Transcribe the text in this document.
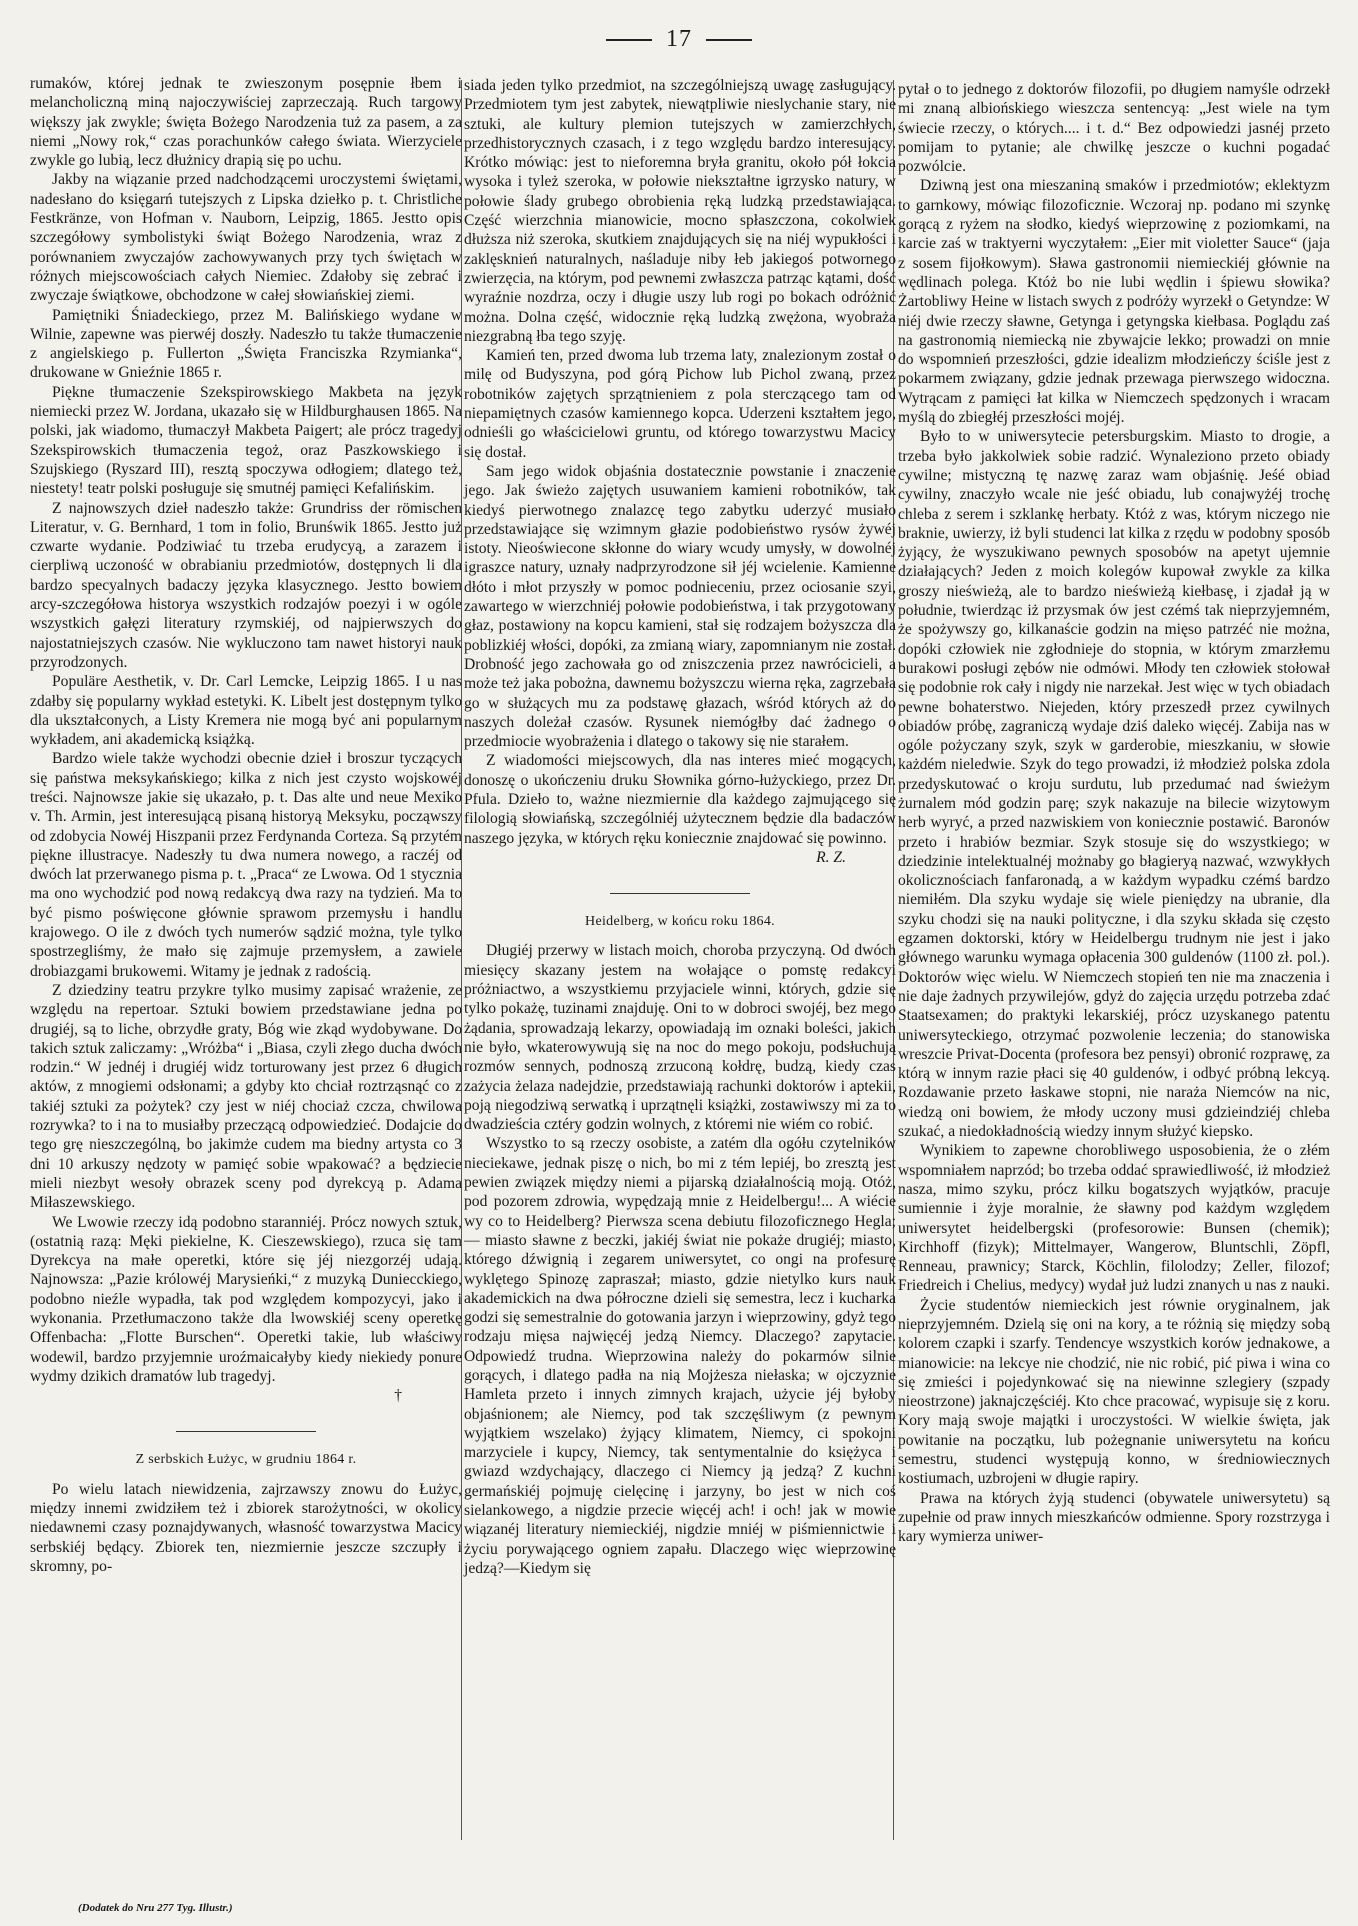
17

rumaków, której jednak te zwieszonym posępnie łbem i melancholiczną miną najoczywiściej zaprzeczają. Ruch targowy większy jak zwykle; święta Bożego Narodzenia tuż za pasem, a za niemi „Nowy rok,“ czas porachunków całego świata. Wierzyciele zwykle go lubią, lecz dłużnicy drapią się po uchu.

Jakby na wiązanie przed nadchodzącemi uroczystemi świętami, nadesłano do księgarń tutejszych z Lipska dziełko p. t. Christliche Festkränze, von Hofman v. Nauborn, Leipzig, 1865. Jestto opis szczegółowy symbolistyki świąt Bożego Narodzenia, wraz z porównaniem zwyczajów zachowywanych przy tych świętach w różnych miejscowościach całych Niemiec. Zdałoby się zebrać i zwyczaje świątkowe, obchodzone w całej słowiańskiej ziemi.

Pamiętniki Śniadeckiego, przez M. Balińskiego wydane w Wilnie, zapewne was pierwéj doszły. Nadeszło tu także tłumaczenie z angielskiego p. Fullerton „Święta Franciszka Rzymianka“, drukowane w Gnieźnie 1865 r.

Piękne tłumaczenie Szekspirowskiego Makbeta na język niemiecki przez W. Jordana, ukazało się w Hildburghausen 1865. Na polski, jak wiadomo, tłumaczył Makbeta Paigert; ale prócz tragedyj Szekspirowskich tłumaczenia tegoż, oraz Paszkowskiego i Szujskiego (Ryszard III), resztą spoczywa odłogiem; dlatego też, niestety! teatr polski posługuje się smutnéj pamięci Kefalińskim.

Z najnowszych dzieł nadeszło także: Grundriss der römischen Literatur, v. G. Bernhard, 1 tom in folio, Brunświk 1865. Jestto już czwarte wydanie. Podziwiać tu trzeba erudycyą, a zarazem i cierpliwą uczoność w obrabianiu przedmiotów, dostępnych li dla bardzo specyalnych badaczy języka klasycznego. Jestto bowiem arcy-szczegółowa historya wszystkich rodzajów poezyi i w ogóle wszystkich gałęzi literatury rzymskiéj, od najpierwszych do najostatniejszych czasów. Nie wykluczono tam nawet historyi nauk przyrodzonych.

Populäre Aesthetik, v. Dr. Carl Lemcke, Leipzig 1865. I u nas zdałby się popularny wykład estetyki. K. Libelt jest dostępnym tylko dla ukształconych, a Listy Kremera nie mogą być ani popularnym wykładem, ani akademicką książką.

Bardzo wiele także wychodzi obecnie dzieł i broszur tyczących się państwa meksykańskiego; kilka z nich jest czysto wojskowéj treści. Najnowsze jakie się ukazało, p. t. Das alte und neue Mexiko v. Th. Armin, jest interesującą pisaną historyą Meksyku, począwszy od zdobycia Nowéj Hiszpanii przez Ferdynanda Corteza. Są przytém piękne illustracye. Nadeszły tu dwa numera nowego, a raczéj od dwóch lat przerwanego pisma p. t. „Praca“ ze Lwowa. Od 1 stycznia ma ono wychodzić pod nową redakcyą dwa razy na tydzień. Ma to być pismo poświęcone głównie sprawom przemysłu i handlu krajowego. O ile z dwóch tych numerów sądzić można, tyle tylko spostrzegliśmy, że mało się zajmuje przemysłem, a zawiele drobiazgami brukowemi. Witamy je jednak z radością.

Z dziedziny teatru przykre tylko musimy zapisać wrażenie, ze względu na repertoar. Sztuki bowiem przedstawiane jedna po drugiéj, są to liche, obrzydłe graty, Bóg wie zkąd wydobywane. Do takich sztuk zaliczamy: „Wróżba“ i „Biasa, czyli złego ducha dwóch rodzin.“ W jednéj i drugiéj widz torturowany jest przez 6 długich aktów, z mnogiemi odsłonami; a gdyby kto chciał roztrząsnąć co z takiéj sztuki za pożytek? czy jest w niéj chociaż czcza, chwilowa rozrywka? to i na to musiałby przeczącą odpowiedzieć. Dodajcie do tego grę nieszczególną, bo jakimże cudem ma biedny artysta co 3 dni 10 arkuszy nędzoty w pamięć sobie wpakować? a będzieciе mieli niezbyt wesoły obrazek sceny pod dyrekcyą p. Adama Miłaszewskiego.

We Lwowie rzeczy idą podobno staranniéj. Prócz nowych sztuk, (ostatnią razą: Męki piekielne, K. Cieszewskiego), rzuca się tam Dyrekcya na małe operetki, które się jéj niezgorzéj udają. Najnowsza: „Pazie królowéj Marysieńki,“ z muzyką Duniecckiego, podobno nieźle wypadła, tak pod względem kompozycyi, jako i wykonania. Przetłumaczono także dla lwowskiéj sceny operetkę Offenbacha: „Flotte Burschen“. Operetki takie, lub właściwy wodewil, bardzo przyjemnie uroźmaicałyby kiedy niekiedy ponure wydmy dzikich dramatów lub tragedyj.

†
Z serbskich Łużyc, w grudniu 1864 r.

Po wielu latach niewidzenia, zajrzawszy znowu do Łużyc, między innemi zwidziłem też i zbiorek starożytności, w okolicy niedawnemi czasy poznajdywanych, własność towarzystwa Macicy serbskiéj będący. Zbiorek ten, niezmiernie jeszcze szczupły i skromny, po-

siada jeden tylko przedmiot, na szczególniejszą uwagę zasługujący. Przedmiotem tym jest zabytek, niewątpliwie nieslychanie stary, nie sztuki, ale kultury plemion tutejszych w zamierzchłych, przedhistorycznych czasach, i z tego względu bardzo interesujący. Krótko mówiąc: jest to nieforemna bryła granitu, około pół łokcia wysoka i tyleż szeroka, w połowie niekształtne igrzysko natury, w połowie ślady grubego obrobienia ręką ludzką przedstawiająca. Część wierzchnia mianowicie, mocno spłaszczona, cokolwiek dłuższa niż szeroka, skutkiem znajdujących się na niéj wypukłości i zaklęsknień naturalnych, naśladuje niby łeb jakiegoś potwornego zwierzęcia, na którym, pod pewnemi zwłaszcza patrząc kątami, dość wyraźnie nozdrza, oczy i długie uszy lub rogi po bokach odróżnić można. Dolna część, widocznie ręką ludzką zwężona, wyobraża niezgrabną łba tego szyję.

Kamień ten, przed dwoma lub trzema laty, znalezionym został o milę od Budyszyna, pod górą Pichow lub Pichol zwaną, przez robotników zajętych sprzątnieniem z pola sterczącego tam od niepamiętnych czasów kamiennego kopca. Uderzeni kształtem jego, odnieśli go właścicielowi gruntu, od którego towarzystwu Macicy się dostał.

Sam jego widok objaśnia dostatecznie powstanie i znaczenie jego. Jak świeżo zajętych usuwaniem kamieni robotników, tak kiedyś pierwotnego znalazcę tego zabytku uderzyć musiało przedstawiające się wzimnym głazie podobieństwo rysów żywéj istoty. Nieoświecone skłonne do wiary wcudy umysły, w dowolnéj igraszce natury, uznały nadprzyrodzone sił jéj wcielenie. Kamienne dłóto i młot przyszły w pomoc podnieceniu, przez ociosanie szyi, zawartego w wierzchniéj połowie podobieństwa, i tak przygotowany głaz, postawiony na kopcu kamieni, stał się rodzajem bożyszcza dla poblizkiéj włości, dopóki, za zmianą wiary, zapomnianym nie został. Drobność jego zachowała go od zniszczenia przez nawrócicieli, a może też jaka pobożna, dawnemu bożyszczu wierna ręka, zagrzebała go w służących mu za podstawę głazach, wśród których aż do naszych doleżał czasów. Rysunek niemógłby dać żadnego o przedmiocie wyobrażenia i dlatego o takowy się nie starałem.

Z wiadomości miejscowych, dla nas interes mieć mogących, donoszę o ukończeniu druku Słownika górno-łużyckiego, przez Dr. Pfula. Dzieło to, ważne niezmiernie dla każdego zajmującego się filologią słowiańską, szczególniéj użytecznem będzie dla badaczów naszego języka, w których ręku koniecznie znajdować się powinno.

R. Z.
Heidelberg, w końcu roku 1864.

Długiéj przerwy w listach moich, choroba przyczyną. Od dwóch miesięcy skazany jestem na wołające o pomstę redakcyi próżniactwo, a wszystkiemu przyjaciele winni, których, gdzie się tylko pokażę, tuzinami znajduję. Oni to w dobroci swojéj, bez mego żądania, sprowadzają lekarzy, opowiadają im oznaki boleści, jakich nie było, wkaterowywują się na noc do mego pokoju, podsłuchują rozmów sennych, podnoszą zrzuconą kołdrę, budzą, kiedy czas zażycia żelaza nadejdzie, przedstawiają rachunki doktorów i aptekii, poją niegodziwą serwatką i uprzątnęli książki, zostawiwszy mi za to dwadzieścia cztéry godzin wolnych, z któremi nie wiém co robić.

Wszystko to są rzeczy osobiste, a zatém dla ogółu czytelników nieciekawe, jednak piszę o nich, bo mi z tém lepiéj, bo zresztą jest pewien związek między niemi a pijarską działalnością moją. Otóż, pod pozorem zdrowia, wypędzają mnie z Heidelbergu!... A wiécie wy co to Heidelberg? Pierwsza scena debiutu filozoficznego Hegla; — miasto sławne z beczki, jakiéj świat nie pokaże drugiéj; miasto, którego dźwignią i zegarem uniwersytet, co ongi na profesurę wyklętego Spinozę zapraszał; miasto, gdzie nietylko kurs nauk akademickich na dwa półroczne dzieli się semestra, lecz i kucharka godzi się semestralnie do gotowania jarzyn i wieprzowiny, gdyż tego rodzaju mięsa najwięcéj jedzą Niemcy. Dlaczego? zapytacie. Odpowiedź trudna. Wieprzowina należy do pokarmów silnie gorących, i dlatego padła na nią Mojżesza niełaska; w ojczyznie Hamleta przeto i innych zimnych krajach, użycie jéj byłoby objaśnionem; ale Niemcy, pod tak szczęśliwym (z pewnym wyjątkiem wszelako) żyjący klimatem, Niemcy, ci spokojni marzyciele i kupcy, Niemcy, tak sentymentalnie do księżyca i gwiazd wzdychający, dlaczego ci Niemcy ją jedzą? Z kuchni germańskiéj pojmuję cielęcinę i jarzyny, bo jest w nich coś sielankowego, a nigdzie przecie więcéj ach! i och! jak w mowie wiązanéj literatury niemieckiéj, nigdzie mniéj w piśmiennictwie i życiu porywającego ogniem zapału. Dlaczego więc wieprzowinę jedzą?—Kiedym się

pytał o to jednego z doktorów filozofii, po długiem namyśle odrzekł mi znaną albiońskiego wieszcza sentencyą: „Jest wiele na tym świecie rzeczy, o których.... i t. d.“ Bez odpowiedzi jasnéj przeto pomijam to pytanie; ale chwilkę jeszcze o kuchni pogadać pozwólcie.

Dziwną jest ona mieszaniną smaków i przedmiotów; eklektyzm to garnkowy, mówiąc filozoficznie. Wczoraj np. podano mi szynkę gorącą z ryżem na słodko, kiedyś wieprzowinę z poziomkami, na karcie zaś w traktyerni wyczytałem: „Eier mit violetter Sauce“ (jaja z sosem fijołkowym). Sława gastronomii niemieckiéj głównie na wędlinach polega. Któż bo nie lubi wędlin i śpiewu słowika? Żartobliwy Heine w listach swych z podróży wyrzekł o Getyndze: W niéj dwie rzeczy sławne, Getynga i getyngska kiełbasa. Poglądu zaś na gastronomią niemiecką nie zbywajcie lekko; prowadzi on mnie do wspomnień przeszłości, gdzie idealizm młodzieńczy ściśle jest z pokarmem związany, gdzie jednak przewaga pierwszego widoczna. Wytrącam z pamięci łat kilka w Niemczech spędzonych i wracam myślą do zbiegłéj przeszłości mojéj.

Było to w uniwersytecie petersburgskim. Miasto to drogie, a trzeba było jakkolwiek sobie radzić. Wynaleziono przeto obiady cywilne; mistyczną tę nazwę zaraz wam objaśnię. Jeśé obiad cywilny, znaczyło wcale nie jeść obiadu, lub conajwyżéj trochę chleba z serem i szklankę herbaty. Któż z was, którym niczego nie braknie, uwierzy, iż byli studenci lat kilka z rzędu w podobny sposób żyjący, że wyszukiwano pewnych sposobów na apetyt ujemnie działających? Jeden z moich kolegów kupował zwykle za kilka groszy nieświeżą, ale to bardzo nieświeżą kiełbasę, i zjadał ją w południe, twierdząc iż przysmak ów jest czémś tak nieprzyjemném, że spożywszy go, kilkanaście godzin na mięso patrzéć nie można, dopóki człowiek nie zgłodnieje do stopnia, w którym zmarzłemu burakowi posługi zębów nie odmówi. Młody ten człowiek stołował się podobnie rok cały i nigdy nie narzekał. Jest więc w tych obiadach pewne bohaterstwo. Niejeden, który przeszedł przez cywilnych obiadów próbę, zagraniczą wydaje dziś daleko więcéj. Zabija nas w ogóle pożyczany szyk, szyk w garderobie, mieszkaniu, w słowie każdém nieledwie. Szyk do tego prowadzi, iż młodzież polska zdola przedyskutować o kroju surdutu, lub przedumać nad świeżym żurnalem mód godzin parę; szyk nakazuje na bilecie wizytowym herb wyryć, a przed nazwiskiem von koniecznie postawić. Baronów przeto i hrabiów bezmiar. Szyk stosuje się do wszystkiego; w dziedzinie intelektualnéj możnaby go błagieryą nazwać, wzwykłych okolicznościach fanfaronadą, a w każdym wypadku czémś bardzo niemiłém. Dla szyku wydaje się wiele pieniędzy na ubranie, dla szyku chodzi się na nauki polityczne, i dla szyku składa się często egzamen doktorski, który w Heidelbergu trudnym nie jest i jako głównego warunku wymaga opłacenia 300 guldenów (1100 zł. pol.). Doktorów więc wielu. W Niemczech stopień ten nie ma znaczenia i nie daje żadnych przywilejów, gdyż do zajęcia urzędu potrzeba zdać Staatsexamen; do praktyki lekarskiéj, prócz uzyskanego patentu uniwersyteckiego, otrzymać pozwolenie leczenia; do stanowiska wreszcie Privat-Docenta (profesora bez pensyi) obronić rozprawę, za którą w innym razie płaci się 40 guldenów, i odbyć próbną lekcyą. Rozdawanie przeto łaskawe stopni, nie naraża Niemców na nic, wiedzą oni bowiem, że młody uczony musi gdzieindziéj chleba szukać, a niedokładnością wiedzy innym służyć kiepsko.

Wynikiem to zapewne chorobliwego usposobienia, że o złém wspomniałem naprzód; bo trzeba oddać sprawiedliwość, iż młodzież nasza, mimo szyku, prócz kilku bogatszych wyjątków, pracuje sumiennie i żyje moralnie, że sławny pod każdym względem uniwersytet heidelbergski (profesorowie: Bunsen (chemik); Kirchhoff (fizyk); Mittelmayer, Wangerow, Bluntschli, Zöpfl, Renneau, prawnicy; Starck, Köchlin, filolodzy; Zeller, filozof; Friedreich i Chelius, medycy) wydał już ludzi znanych u nas z nauki.

Życie studentów niemieckich jest równie oryginalnem, jak nieprzyjemném. Dzielą się oni na kory, a te różnią się między sobą kolorem czapki i szarfy. Tendencye wszystkich korów jednakowe, a mianowicie: na lekcye nie chodzić, nie nic robić, pić piwa i wina co się zmieści i pojedynkować się na niewinne szlegiery (szpady nieostrzone) jaknajczęściéj. Kto chce pracować, wypisuje się z koru. Kory mają swoje majątki i uroczystości. W wielkie święta, jak powitanie na początku, lub pożegnanie uniwersytetu na końcu semestru, studenci występują konno, w średniowiecznych kostiumach, uzbrojeni w długie rapiry.

Prawa na których żyją studenci (obywatele uniwersytetu) są zupełnie od praw innych mieszkańców odmienne. Spory rozstrzyga i kary wymierza uniwer-

(Dodatek do Nru 277 Tyg. Illustr.)
